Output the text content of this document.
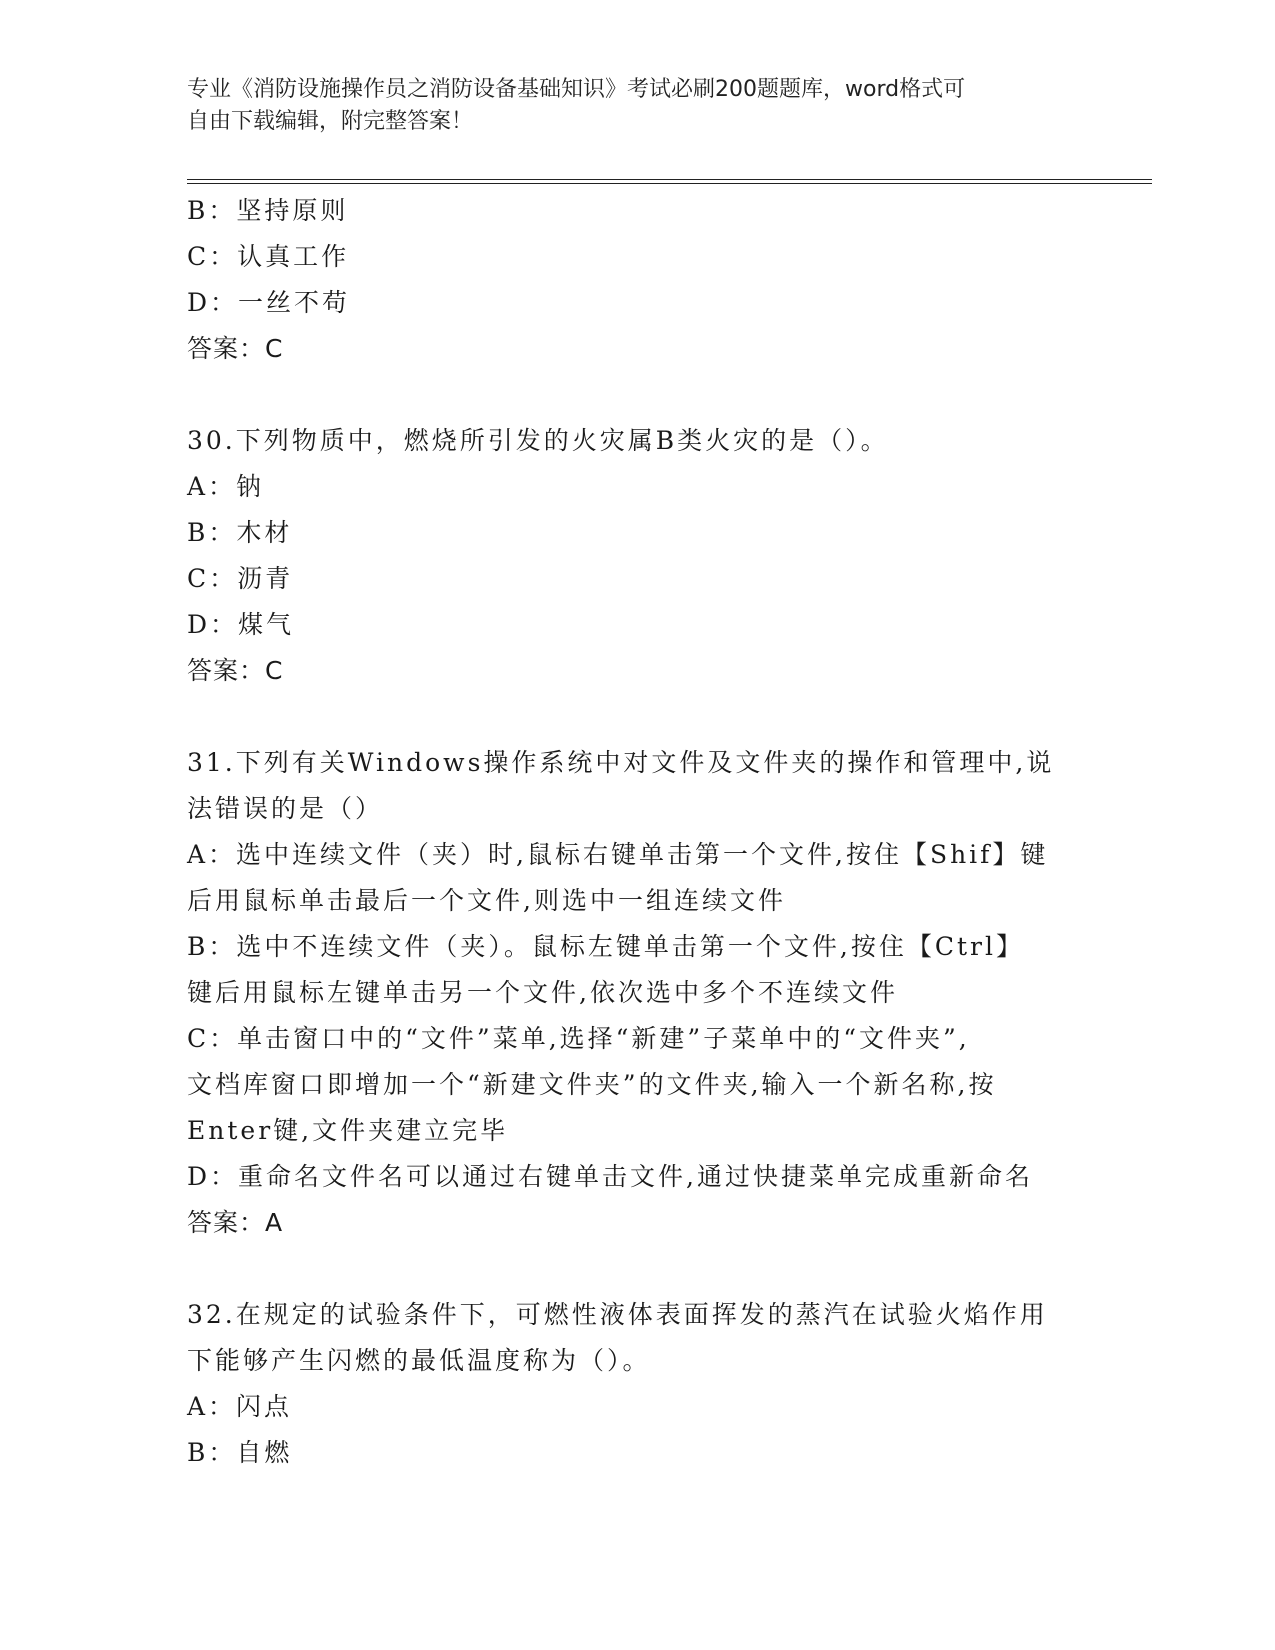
专业《消防设施操作员之消防设备基础知识》考试必刷200题题库，word格式可
自由下载编辑，附完整答案！
B：坚持原则
C：认真工作
D：一丝不苟
答案：C
30.下列物质中，燃烧所引发的火灾属B类火灾的是（）。
A：钠
B：木材
C：沥青
D：煤气
答案：C
31.下列有关Windows操作系统中对文件及文件夹的操作和管理中,说
法错误的是（）
A：选中连续文件（夹）时,鼠标右键单击第一个文件,按住【Shif】键
后用鼠标单击最后一个文件,则选中一组连续文件
B：选中不连续文件（夹）。鼠标左键单击第一个文件,按住【Ctrl】
键后用鼠标左键单击另一个文件,依次选中多个不连续文件
C：单击窗口中的“文件”菜单,选择“新建”子菜单中的“文件夹”,
文档库窗口即增加一个“新建文件夹”的文件夹,输入一个新名称,按
Enter键,文件夹建立完毕
D：重命名文件名可以通过右键单击文件,通过快捷菜单完成重新命名
答案：A
32.在规定的试验条件下，可燃性液体表面挥发的蒸汽在试验火焰作用
下能够产生闪燃的最低温度称为（）。
A：闪点
B：自燃
